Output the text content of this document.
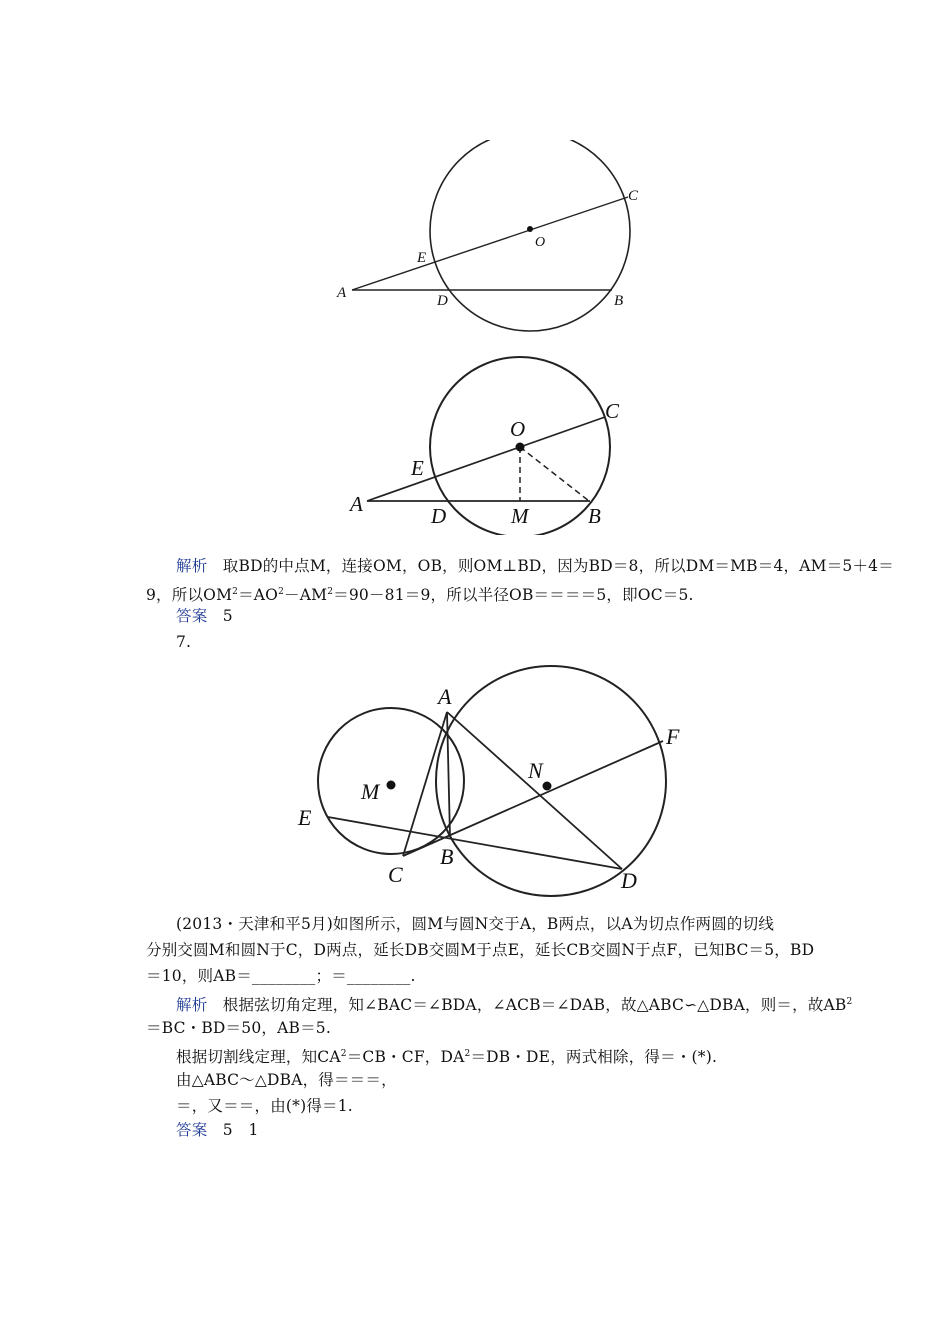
C
O
E
A	D	B
O
C
E
A	D	M	B
解析 取BD的中点M，连接OM，OB，则OM⊥BD，因为BD＝8，所以DM＝MB＝4，AM＝5＋4＝
9，所以$OM^2=AO^2-AM^2=90-81=9$，所以半径OB＝＝＝＝5，即OC＝5.
答案 5
7.
A
F
N
M
E
B
C	D
(2013・天津和平5月)如图所示，圆M与圆N交于A，B两点，以A为切点作两圆的切线
分别交圆M和圆N于C，D两点，延长DB交圆M于点E，延长CB交圆N于点F，已知BC＝5，BD
＝10，则AB＝________；＝________.
解析 根据弦切角定理，知∠BAC＝∠BDA，∠ACB＝∠DAB，故△ABC∽△DBA，则＝，故$AB^2$
＝BC・BD＝50，AB＝5.
根据切割线定理，知$CA^2=CB$・CF，$DA^2=DB$・DE，两式相除，得＝・(*).
由△ABC～△DBA，得＝＝＝，
＝，又＝＝，由(*)得＝1.
答案 5　1
